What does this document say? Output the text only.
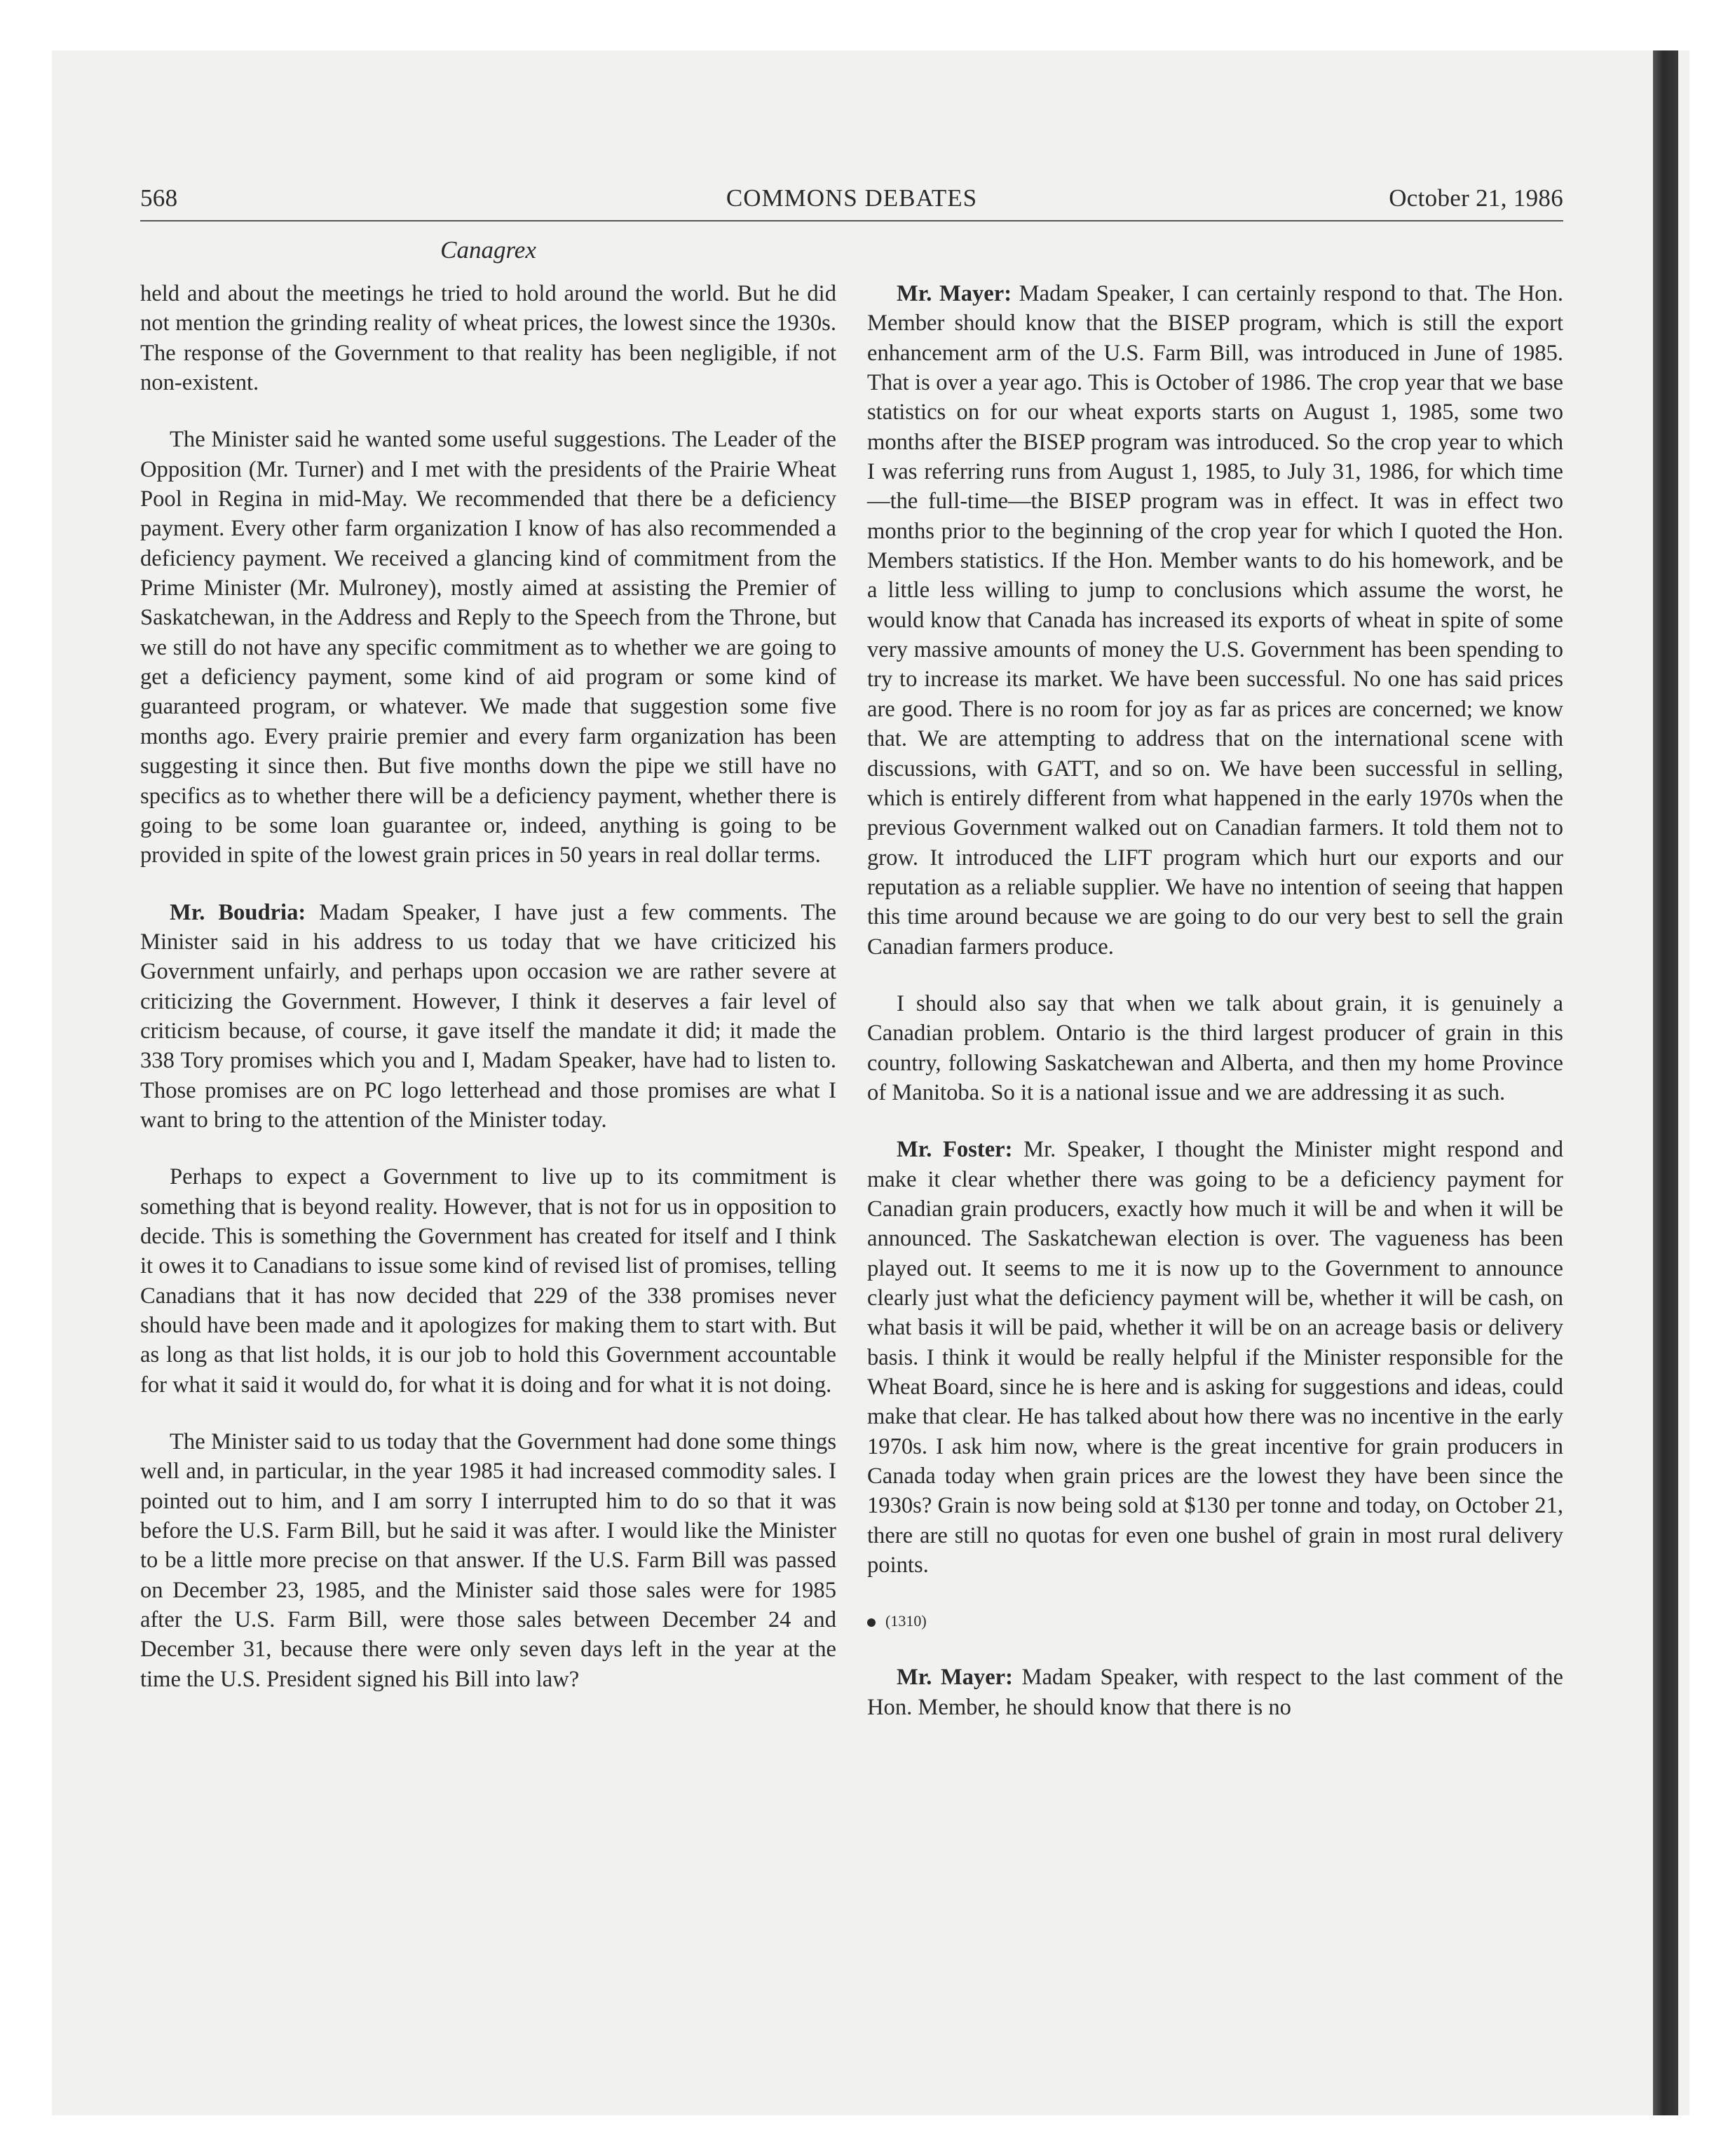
568	COMMONS DEBATES	October 21, 1986
Canagrex

held and about the meetings he tried to hold around the world. But he did not mention the grinding reality of wheat prices, the lowest since the 1930s. The response of the Government to that reality has been negligible, if not non-existent.

The Minister said he wanted some useful suggestions. The Leader of the Opposition (Mr. Turner) and I met with the presidents of the Prairie Wheat Pool in Regina in mid-May. We recommended that there be a deficiency payment. Every other farm organization I know of has also recommended a deficiency payment. We received a glancing kind of commitment from the Prime Minister (Mr. Mulroney), mostly aimed at assisting the Premier of Saskatchewan, in the Address and Reply to the Speech from the Throne, but we still do not have any specific commitment as to whether we are going to get a deficiency payment, some kind of aid program or some kind of guaranteed program, or whatever. We made that suggestion some five months ago. Every prairie premier and every farm organization has been suggesting it since then. But five months down the pipe we still have no specifics as to whether there will be a deficiency payment, whether there is going to be some loan guarantee or, indeed, anything is going to be provided in spite of the lowest grain prices in 50 years in real dollar terms.

Mr. Boudria: Madam Speaker, I have just a few comments. The Minister said in his address to us today that we have criticized his Government unfairly, and perhaps upon occasion we are rather severe at criticizing the Government. However, I think it deserves a fair level of criticism because, of course, it gave itself the mandate it did; it made the 338 Tory promises which you and I, Madam Speaker, have had to listen to. Those promises are on PC logo letterhead and those promises are what I want to bring to the attention of the Minister today.

Perhaps to expect a Government to live up to its commitment is something that is beyond reality. However, that is not for us in opposition to decide. This is something the Government has created for itself and I think it owes it to Canadians to issue some kind of revised list of promises, telling Canadians that it has now decided that 229 of the 338 promises never should have been made and it apologizes for making them to start with. But as long as that list holds, it is our job to hold this Government accountable for what it said it would do, for what it is doing and for what it is not doing.

The Minister said to us today that the Government had done some things well and, in particular, in the year 1985 it had increased commodity sales. I pointed out to him, and I am sorry I interrupted him to do so that it was before the U.S. Farm Bill, but he said it was after. I would like the Minister to be a little more precise on that answer. If the U.S. Farm Bill was passed on December 23, 1985, and the Minister said those sales were for 1985 after the U.S. Farm Bill, were those sales between December 24 and December 31, because there were only seven days left in the year at the time the U.S. President signed his Bill into law?

Mr. Mayer: Madam Speaker, I can certainly respond to that. The Hon. Member should know that the BISEP program, which is still the export enhancement arm of the U.S. Farm Bill, was introduced in June of 1985. That is over a year ago. This is October of 1986. The crop year that we base statistics on for our wheat exports starts on August 1, 1985, some two months after the BISEP program was introduced. So the crop year to which I was referring runs from August 1, 1985, to July 31, 1986, for which time—the full-time—the BISEP program was in effect. It was in effect two months prior to the beginning of the crop year for which I quoted the Hon. Members statistics. If the Hon. Member wants to do his homework, and be a little less willing to jump to conclusions which assume the worst, he would know that Canada has increased its exports of wheat in spite of some very massive amounts of money the U.S. Government has been spending to try to increase its market. We have been successful. No one has said prices are good. There is no room for joy as far as prices are concerned; we know that. We are attempting to address that on the international scene with discussions, with GATT, and so on. We have been successful in selling, which is entirely different from what happened in the early 1970s when the previous Government walked out on Canadian farmers. It told them not to grow. It introduced the LIFT program which hurt our exports and our reputation as a reliable supplier. We have no intention of seeing that happen this time around because we are going to do our very best to sell the grain Canadian farmers produce.

I should also say that when we talk about grain, it is genuinely a Canadian problem. Ontario is the third largest producer of grain in this country, following Saskatchewan and Alberta, and then my home Province of Manitoba. So it is a national issue and we are addressing it as such.

Mr. Foster: Mr. Speaker, I thought the Minister might respond and make it clear whether there was going to be a deficiency payment for Canadian grain producers, exactly how much it will be and when it will be announced. The Saskatchewan election is over. The vagueness has been played out. It seems to me it is now up to the Government to announce clearly just what the deficiency payment will be, whether it will be cash, on what basis it will be paid, whether it will be on an acreage basis or delivery basis. I think it would be really helpful if the Minister responsible for the Wheat Board, since he is here and is asking for suggestions and ideas, could make that clear. He has talked about how there was no incentive in the early 1970s. I ask him now, where is the great incentive for grain producers in Canada today when grain prices are the lowest they have been since the 1930s? Grain is now being sold at $130 per tonne and today, on October 21, there are still no quotas for even one bushel of grain in most rural delivery points.

(1310)

Mr. Mayer: Madam Speaker, with respect to the last comment of the Hon. Member, he should know that there is no
